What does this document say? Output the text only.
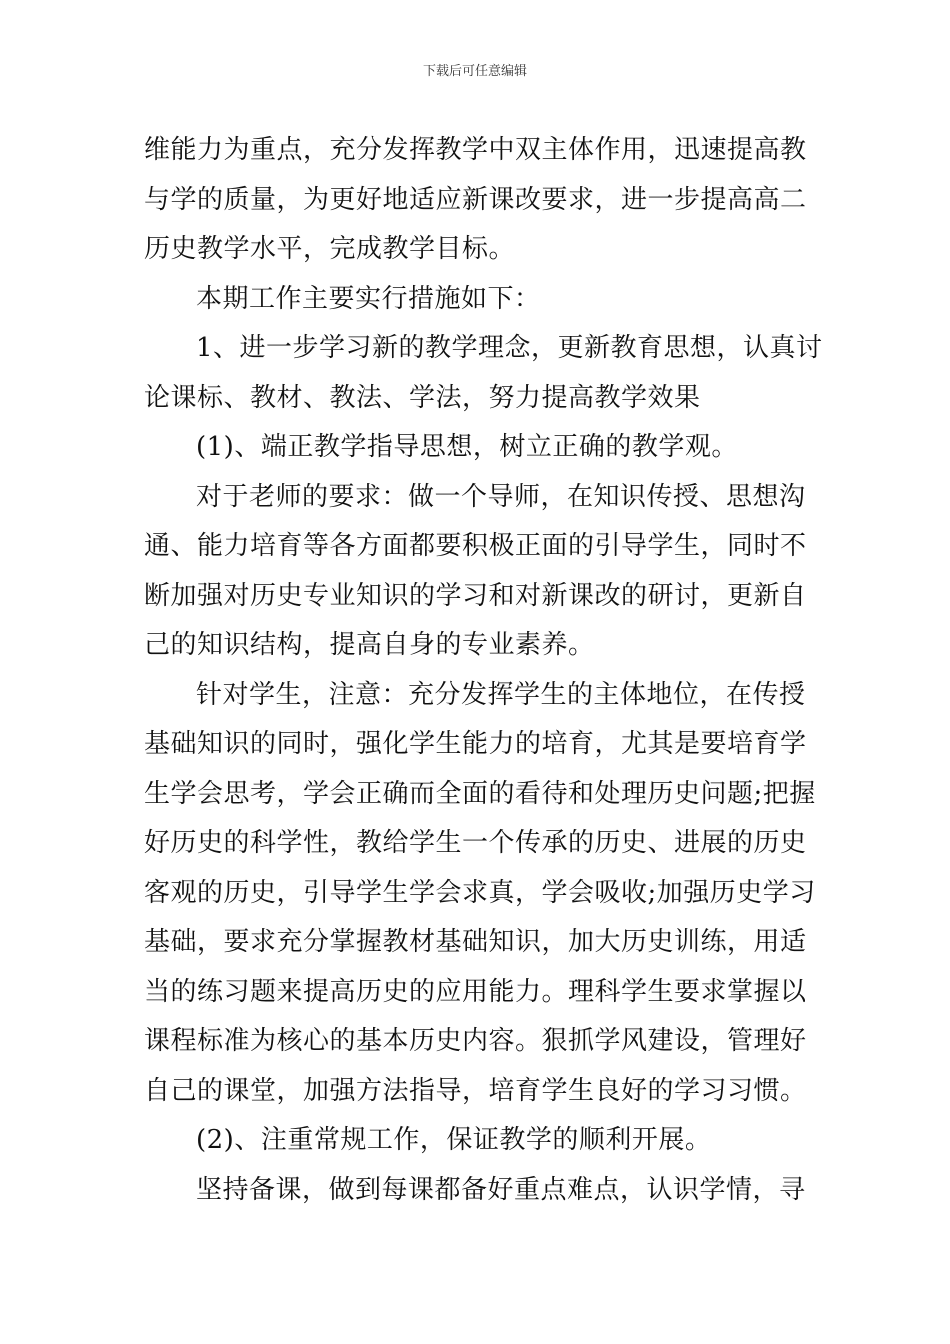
下载后可任意编辑
维能力为重点，充分发挥教学中双主体作用，迅速提高教
与学的质量，为更好地适应新课改要求，进一步提高高二
历史教学水平，完成教学目标。
本期工作主要实行措施如下：
1、进一步学习新的教学理念，更新教育思想，认真讨
论课标、教材、教法、学法，努力提高教学效果
(1)、端正教学指导思想，树立正确的教学观。
对于老师的要求：做一个导师，在知识传授、思想沟
通、能力培育等各方面都要积极正面的引导学生，同时不
断加强对历史专业知识的学习和对新课改的研讨，更新自
己的知识结构，提高自身的专业素养。
针对学生，注意：充分发挥学生的主体地位，在传授
基础知识的同时，强化学生能力的培育，尤其是要培育学
生学会思考，学会正确而全面的看待和处理历史问题;把握
好历史的科学性，教给学生一个传承的历史、进展的历史
客观的历史，引导学生学会求真，学会吸收;加强历史学习
基础，要求充分掌握教材基础知识，加大历史训练，用适
当的练习题来提高历史的应用能力。理科学生要求掌握以
课程标准为核心的基本历史内容。狠抓学风建设，管理好
自己的课堂，加强方法指导，培育学生良好的学习习惯。
(2)、注重常规工作，保证教学的顺利开展。
坚持备课，做到每课都备好重点难点，认识学情，寻
